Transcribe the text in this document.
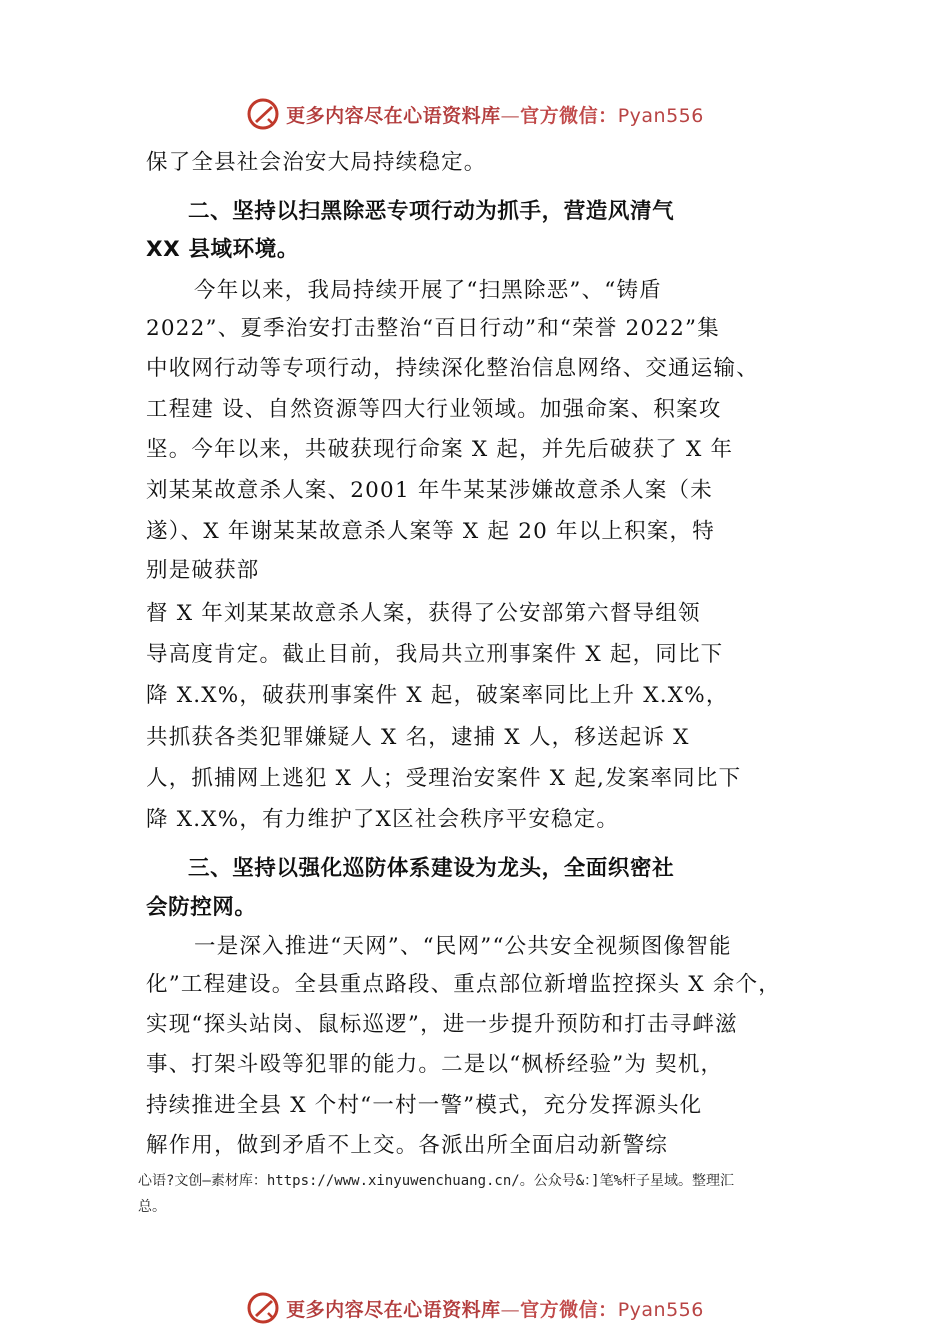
更多内容尽在心语资料库—官方微信：Pyan556
保了全县社会治安大局持续稳定。
二、坚持以扫黑除恶专项行动为抓手，营造风清气
XX 县域环境。
今年以来，我局持续开展了“扫黑除恶”、“铸盾
2022”、夏季治安打击整治“百日行动”和“荣誉 2022”集
中收网行动等专项行动，持续深化整治信息网络、交通运输、
工程建 设、自然资源等四大行业领域。加强命案、积案攻
坚。今年以来，共破获现行命案 X 起，并先后破获了 X 年
刘某某故意杀人案、2001 年牛某某涉嫌故意杀人案（未
遂）、X 年谢某某故意杀人案等 X 起 20 年以上积案，特
别是破获部
督 X 年刘某某故意杀人案，获得了公安部第六督导组领
导高度肯定。截止目前，我局共立刑事案件 X 起，同比下
降 X.X%，破获刑事案件 X 起，破案率同比上升 X.X%，
共抓获各类犯罪嫌疑人 X 名，逮捕 X 人，移送起诉 X
人，抓捕网上逃犯 X 人；受理治安案件 X 起,发案率同比下
降 X.X%，有力维护了X区社会秩序平安稳定。
三、坚持以强化巡防体系建设为龙头，全面织密社
会防控网。
一是深入推进“天网”、“民网”“公共安全视频图像智能
化”工程建设。全县重点路段、重点部位新增监控探头 X 余个，
实现“探头站岗、鼠标巡逻”，进一步提升预防和打击寻衅滋
事、打架斗殴等犯罪的能力。二是以“枫桥经验”为 契机，
持续推进全县 X 个村“一村一警”模式，充分发挥源头化
解作用，做到矛盾不上交。各派出所全面启动新警综
心语?文创—素材库：https://www.xinyuwenchuang.cn/。公众号&：]笔%杆子星域。整理汇
总。
更多内容尽在心语资料库—官方微信：Pyan556
